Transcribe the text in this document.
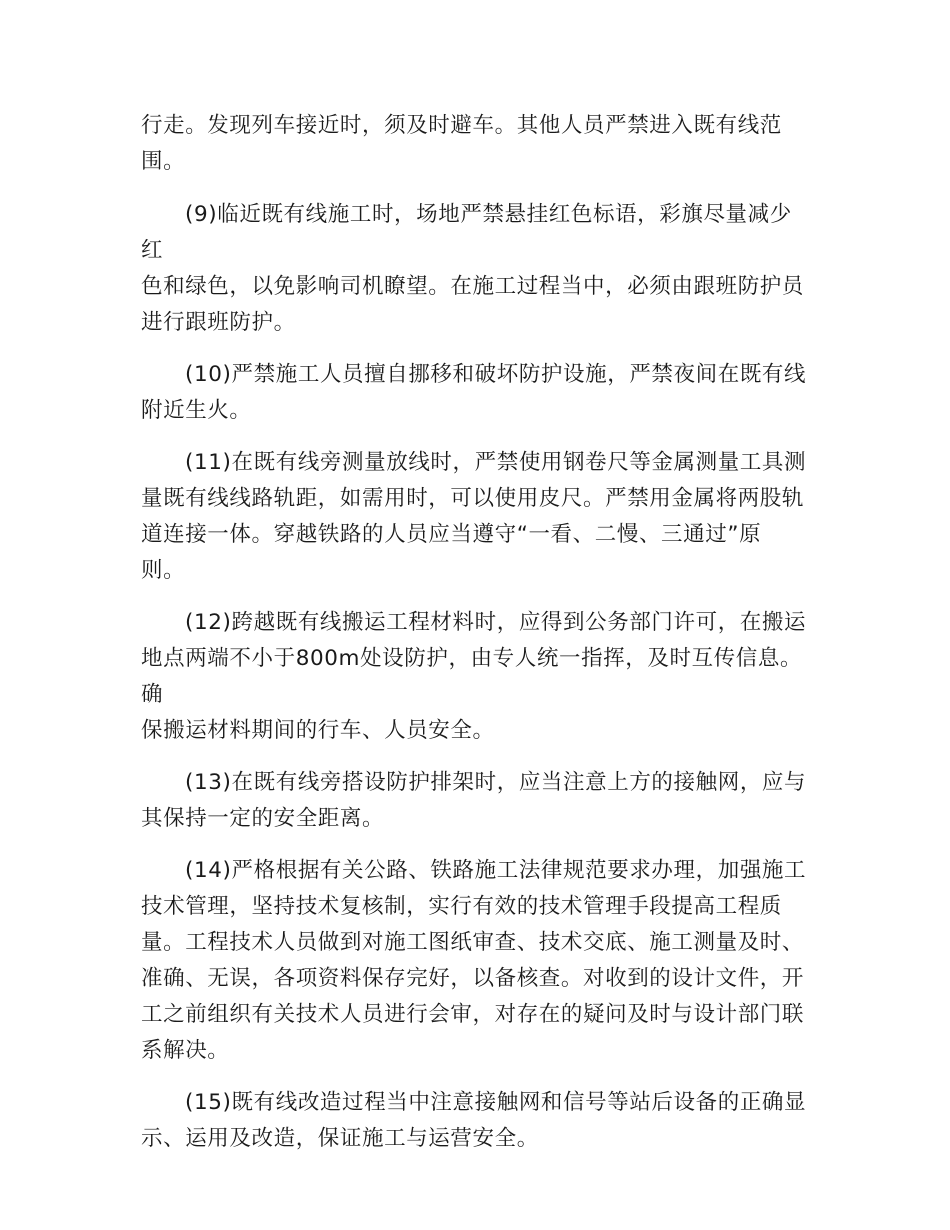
行走。发现列车接近时，须及时避车。其他人员严禁进入既有线范
围。

(9)临近既有线施工时，场地严禁悬挂红色标语，彩旗尽量减少红
色和绿色，以免影响司机瞭望。在施工过程当中，必须由跟班防护员
进行跟班防护。

(10)严禁施工人员擅自挪移和破坏防护设施，严禁夜间在既有线
附近生火。

(11)在既有线旁测量放线时，严禁使用钢卷尺等金属测量工具测
量既有线线路轨距，如需用时，可以使用皮尺。严禁用金属将两股轨
道连接一体。穿越铁路的人员应当遵守“一看、二慢、三通过”原
则。

(12)跨越既有线搬运工程材料时，应得到公务部门许可，在搬运
地点两端不小于800m处设防护，由专人统一指挥，及时互传信息。确
保搬运材料期间的行车、人员安全。

(13)在既有线旁搭设防护排架时，应当注意上方的接触网，应与
其保持一定的安全距离。

(14)严格根据有关公路、铁路施工法律规范要求办理，加强施工
技术管理，坚持技术复核制，实行有效的技术管理手段提高工程质
量。工程技术人员做到对施工图纸审查、技术交底、施工测量及时、
准确、无误，各项资料保存完好，以备核查。对收到的设计文件，开
工之前组织有关技术人员进行会审，对存在的疑问及时与设计部门联
系解决。

(15)既有线改造过程当中注意接触网和信号等站后设备的正确显
示、运用及改造，保证施工与运营安全。
